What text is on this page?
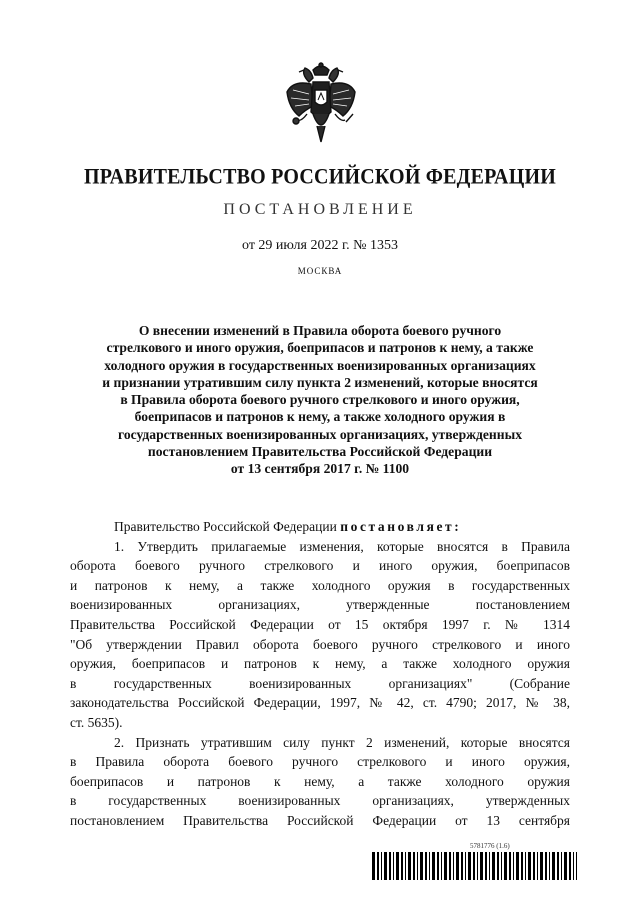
ПРАВИТЕЛЬСТВО РОССИЙСКОЙ ФЕДЕРАЦИИ
ПОСТАНОВЛЕНИЕ
от 29 июля 2022 г. № 1353
МОСКВА
О внесении изменений в Правила оборота боевого ручного
стрелкового и иного оружия, боеприпасов и патронов к нему, а также
холодного оружия в государственных военизированных организациях
и признании утратившим силу пункта 2 изменений, которые вносятся
в Правила оборота боевого ручного стрелкового и иного оружия,
боеприпасов и патронов к нему, а также холодного оружия в
государственных военизированных организациях, утвержденных
постановлением Правительства Российской Федерации
от 13 сентября 2017 г. № 1100
Правительство Российской Федерации постановляет:
1. Утвердить прилагаемые изменения, которые вносятся в Правила
оборота боевого ручного стрелкового и иного оружия, боеприпасов
и патронов к нему, а также холодного оружия в государственных
военизированных организациях, утвержденные постановлением
Правительства Российской Федерации от 15 октября 1997 г. № 1314
"Об утверждении Правил оборота боевого ручного стрелкового и иного
оружия, боеприпасов и патронов к нему, а также холодного оружия
в государственных военизированных организациях" (Собрание
законодательства Российской Федерации, 1997, № 42, ст. 4790; 2017, № 38,
ст. 5635).
2. Признать утратившим силу пункт 2 изменений, которые вносятся
в Правила оборота боевого ручного стрелкового и иного оружия,
боеприпасов и патронов к нему, а также холодного оружия
в государственных военизированных организациях, утвержденных
постановлением Правительства Российской Федерации от 13 сентября
5781776 (1.6)
